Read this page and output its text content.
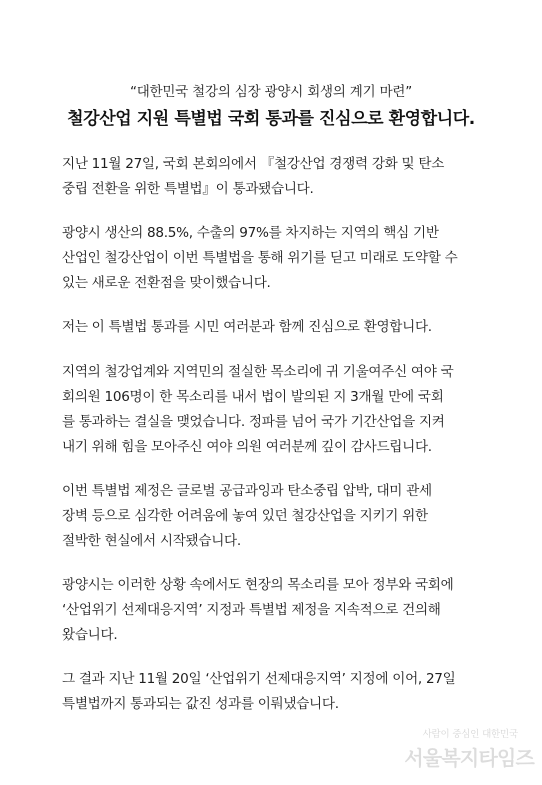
“대한민국 철강의 심장 광양시 회생의 계기 마련”
철강산업 지원 특별법 국회 통과를 진심으로 환영합니다.
지난 11월 27일, 국회 본회의에서 『철강산업 경쟁력 강화 및 탄소
중립 전환을 위한 특별법』이 통과됐습니다.
광양시 생산의 88.5%, 수출의 97%를 차지하는 지역의 핵심 기반
산업인 철강산업이 이번 특별법을 통해 위기를 딛고 미래로 도약할 수
있는 새로운 전환점을 맞이했습니다.
저는 이 특별법 통과를 시민 여러분과 함께 진심으로 환영합니다.
지역의 철강업계와 지역민의 절실한 목소리에 귀 기울여주신 여야 국
회의원 106명이 한 목소리를 내서 법이 발의된 지 3개월 만에 국회
를 통과하는 결실을 맺었습니다. 정파를 넘어 국가 기간산업을 지켜
내기 위해 힘을 모아주신 여야 의원 여러분께 깊이 감사드립니다.
이번 특별법 제정은 글로벌 공급과잉과 탄소중립 압박, 대미 관세
장벽 등으로 심각한 어려움에 놓여 있던 철강산업을 지키기 위한
절박한 현실에서 시작됐습니다.
광양시는 이러한 상황 속에서도 현장의 목소리를 모아 정부와 국회에
‘산업위기 선제대응지역’ 지정과 특별법 제정을 지속적으로 건의해
왔습니다.
그 결과 지난 11월 20일 ‘산업위기 선제대응지역’ 지정에 이어, 27일
특별법까지 통과되는 값진 성과를 이뤄냈습니다.
사람이 중심인 대한민국
서울복지타임즈
